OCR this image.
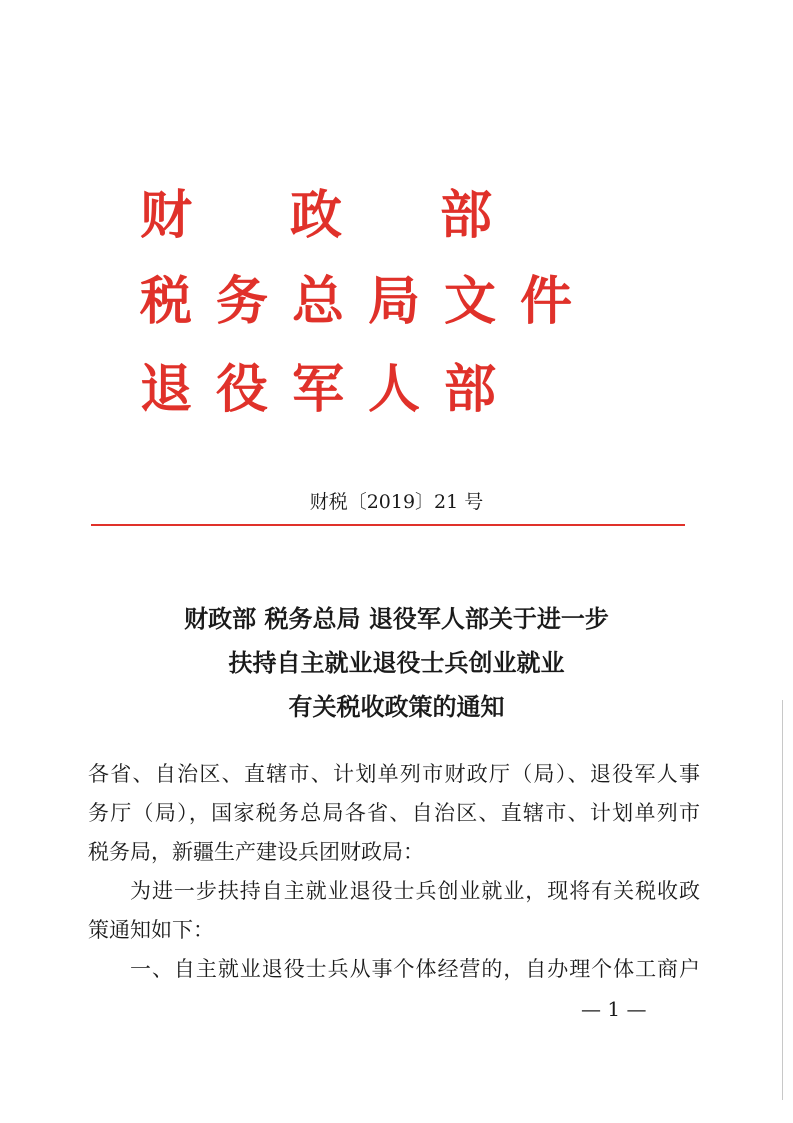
财 政 部
税 务 总 局 文 件
退 役 军 人 部
财税〔2019〕21 号
财政部 税务总局 退役军人部关于进一步
扶持自主就业退役士兵创业就业
有关税收政策的通知
各省、自治区、直辖市、计划单列市财政厅（局）、退役军人事
务厅（局），国家税务总局各省、自治区、直辖市、计划单列市
税务局，新疆生产建设兵团财政局：
为进一步扶持自主就业退役士兵创业就业，现将有关税收政
策通知如下：
一、自主就业退役士兵从事个体经营的，自办理个体工商户
— 1 —
